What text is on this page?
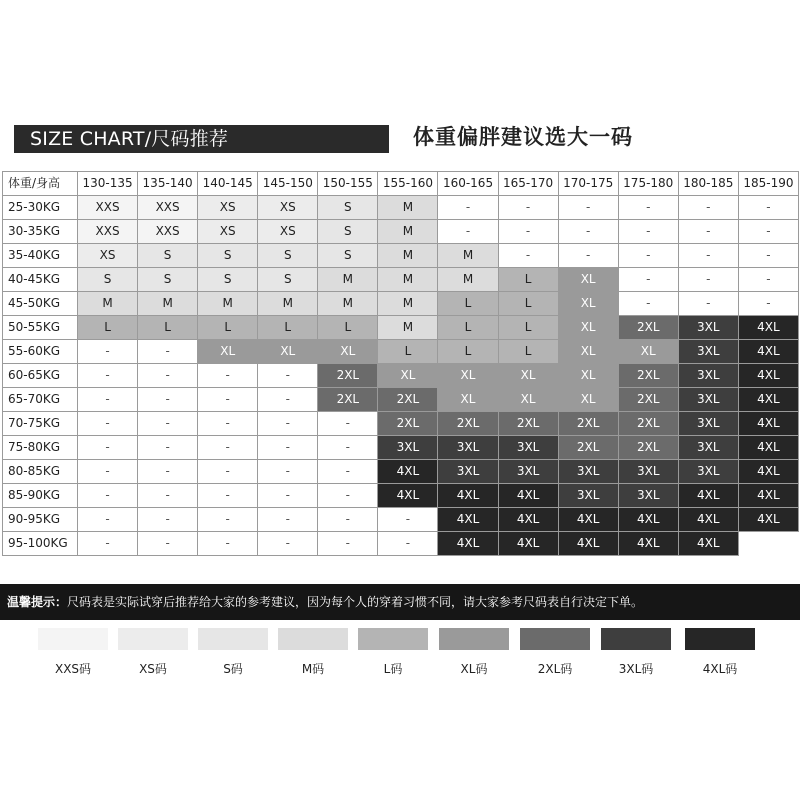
SIZE CHART/尺码推荐	体重偏胖建议选大一码
体重/身高	130-135	135-140	140-145	145-150	150-155	155-160	160-165	165-170	170-175	175-180	180-185	185-190
25-30KG	XXS	XXS	XS	XS	S	M	-	-	-	-	-	-
30-35KG	XXS	XXS	XS	XS	S	M	-	-	-	-	-	-
35-40KG	XS	S	S	S	S	M	M	-	-	-	-	-
40-45KG	S	S	S	S	M	M	M	L	XL	-	-	-
45-50KG	M	M	M	M	M	M	L	L	XL	-	-	-
50-55KG	L	L	L	L	L	M	L	L	XL	2XL	3XL	4XL
55-60KG	-	-	XL	XL	XL	L	L	L	XL	XL	3XL	4XL
60-65KG	-	-	-	-	2XL	XL	XL	XL	XL	2XL	3XL	4XL
65-70KG	-	-	-	-	2XL	2XL	XL	XL	XL	2XL	3XL	4XL
70-75KG	-	-	-	-	-	2XL	2XL	2XL	2XL	2XL	3XL	4XL
75-80KG	-	-	-	-	-	3XL	3XL	3XL	2XL	2XL	3XL	4XL
80-85KG	-	-	-	-	-	4XL	3XL	3XL	3XL	3XL	3XL	4XL
85-90KG	-	-	-	-	-	4XL	4XL	4XL	3XL	3XL	4XL	4XL
90-95KG	-	-	-	-	-	-	4XL	4XL	4XL	4XL	4XL	4XL
95-100KG	-	-	-	-	-	-	4XL	4XL	4XL	4XL	4XL	
温馨提示：尺码表是实际试穿后推荐给大家的参考建议，因为每个人的穿着习惯不同，请大家参考尺码表自行决定下单。
XXS码	XS码	S码	M码	L码	XL码	2XL码	3XL码	4XL码
